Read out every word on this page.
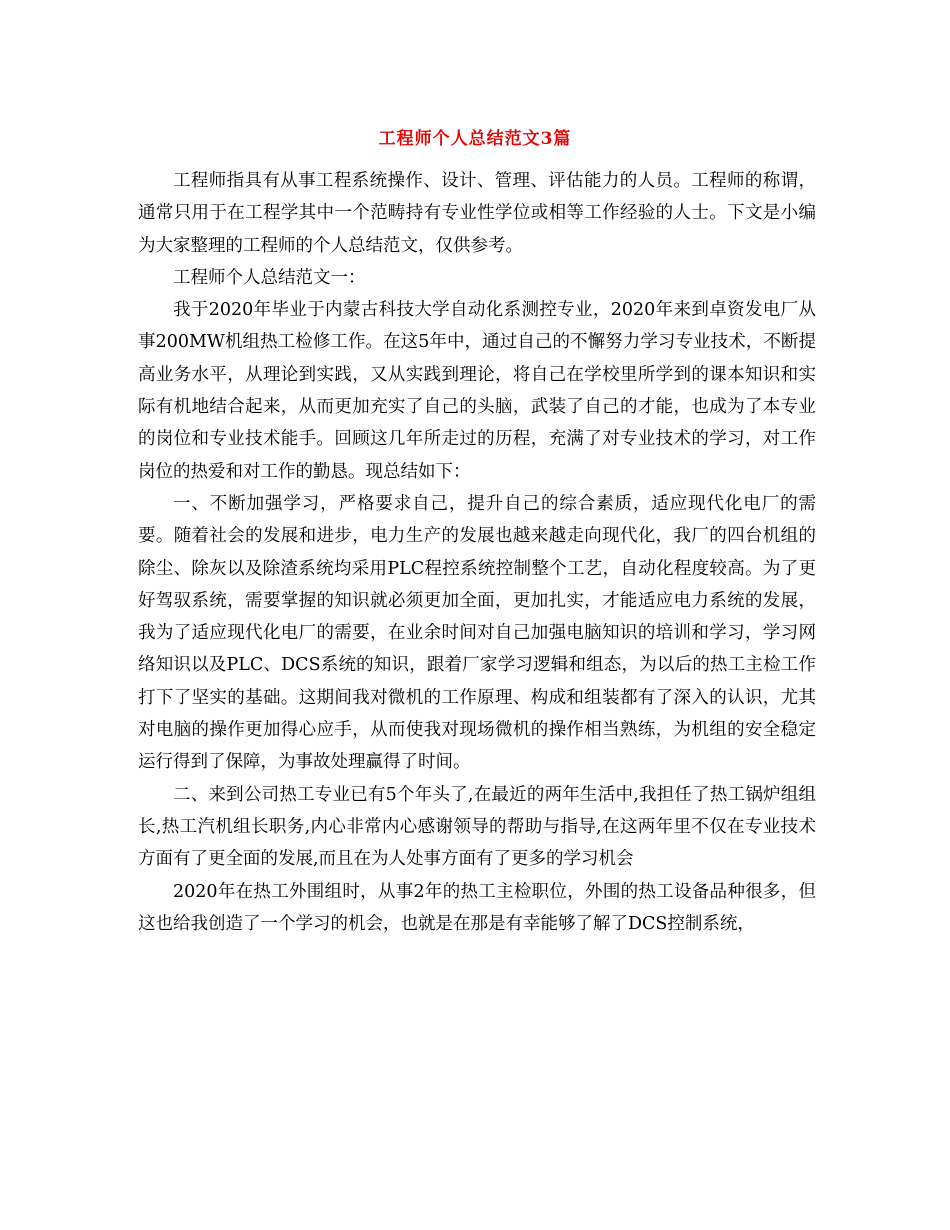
工程师个人总结范文3篇

工程师指具有从事工程系统操作、设计、管理、评估能力的人员。工程师的称谓，通常只用于在工程学其中一个范畴持有专业性学位或相等工作经验的人士。下文是小编为大家整理的工程师的个人总结范文，仅供参考。

工程师个人总结范文一：

我于2020年毕业于内蒙古科技大学自动化系测控专业，2020年来到卓资发电厂从事200MW机组热工检修工作。在这5年中，通过自己的不懈努力学习专业技术，不断提高业务水平，从理论到实践，又从实践到理论，将自己在学校里所学到的课本知识和实际有机地结合起来，从而更加充实了自己的头脑，武装了自己的才能，也成为了本专业的岗位和专业技术能手。回顾这几年所走过的历程，充满了对专业技术的学习，对工作岗位的热爱和对工作的勤恳。现总结如下：

一、不断加强学习，严格要求自己，提升自己的综合素质，适应现代化电厂的需要。随着社会的发展和进步，电力生产的发展也越来越走向现代化，我厂的四台机组的除尘、除灰以及除渣系统均采用PLC程控系统控制整个工艺，自动化程度较高。为了更好驾驭系统，需要掌握的知识就必须更加全面，更加扎实，才能适应电力系统的发展，我为了适应现代化电厂的需要，在业余时间对自己加强电脑知识的培训和学习，学习网络知识以及PLC、DCS系统的知识，跟着厂家学习逻辑和组态，为以后的热工主检工作打下了坚实的基础。这期间我对微机的工作原理、构成和组装都有了深入的认识，尤其对电脑的操作更加得心应手，从而使我对现场微机的操作相当熟练，为机组的安全稳定运行得到了保障，为事故处理赢得了时间。

二、来到公司热工专业已有5个年头了,在最近的两年生活中,我担任了热工锅炉组组长,热工汽机组长职务,内心非常内心感谢领导的帮助与指导,在这两年里不仅在专业技术方面有了更全面的发展,而且在为人处事方面有了更多的学习机会

2020年在热工外围组时，从事2年的热工主检职位，外围的热工设备品种很多，但这也给我创造了一个学习的机会，也就是在那是有幸能够了解了DCS控制系统，
